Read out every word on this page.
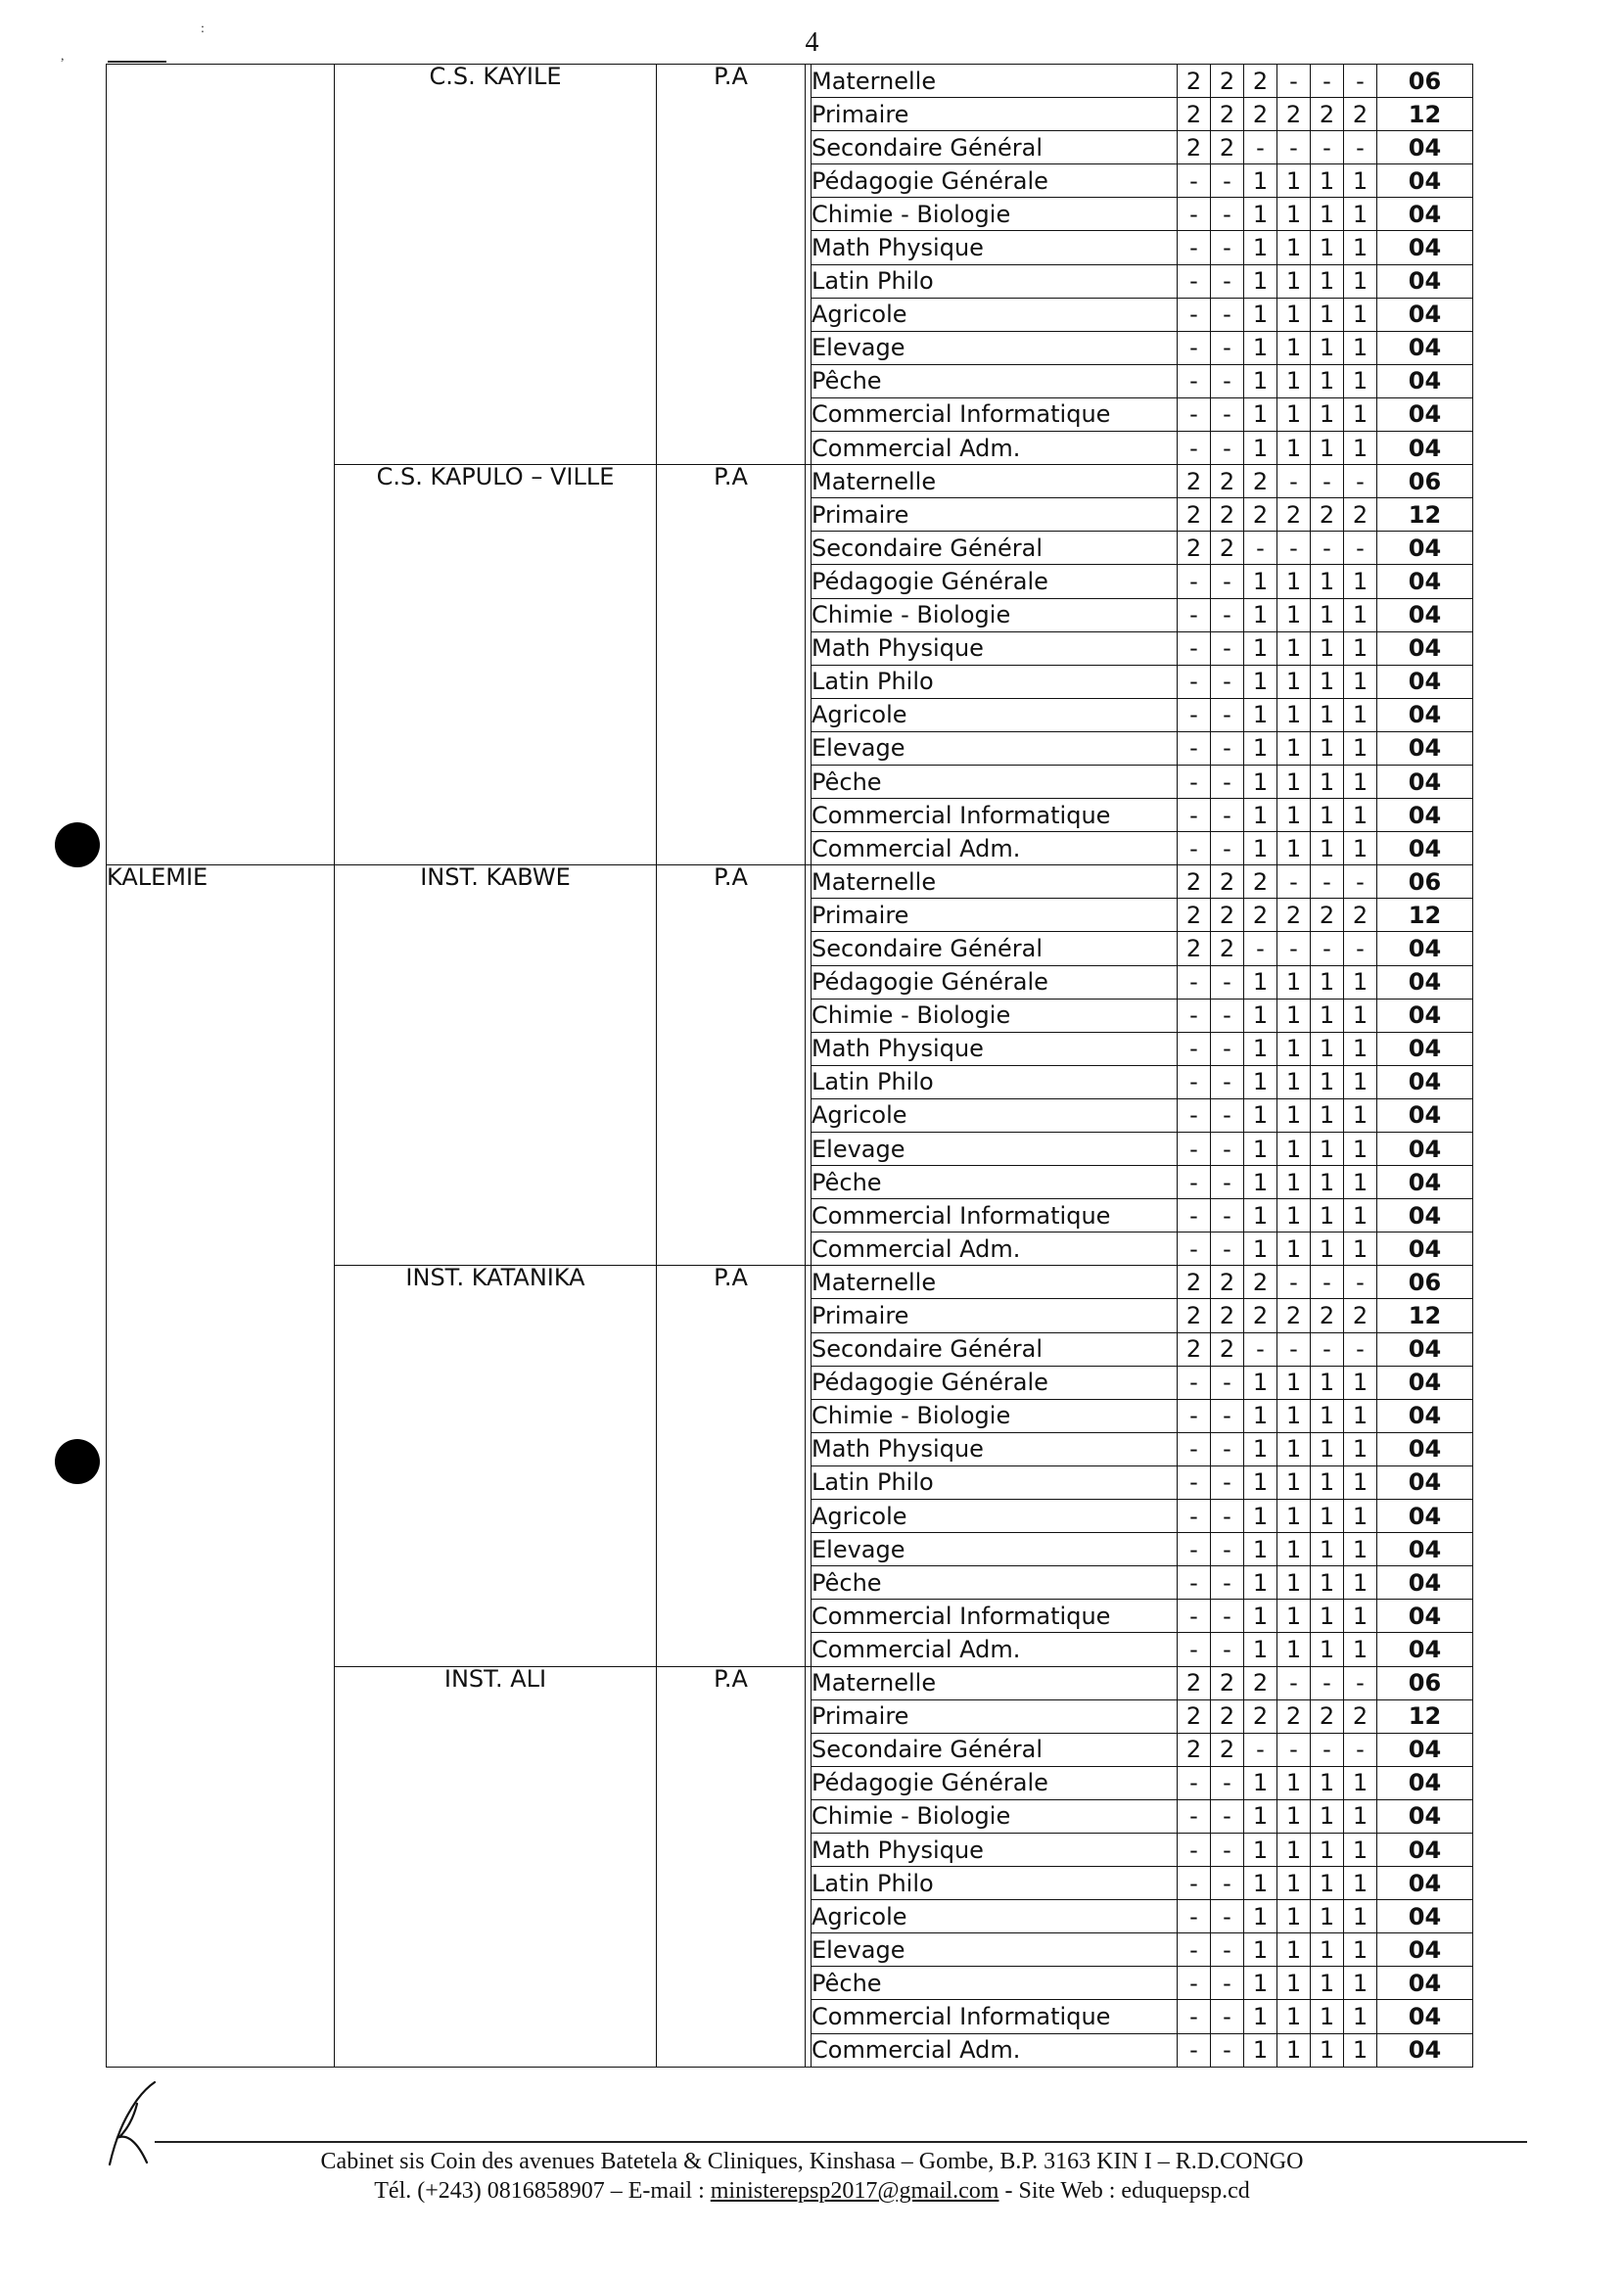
4
:
,

	C.S. KAYILE	P.A		Maternelle	2	2	2	-	-	-	06
				Primaire	2	2	2	2	2	2	12
				Secondaire Général	2	2	-	-	-	-	04
				Pédagogie Générale	-	-	1	1	1	1	04
				Chimie - Biologie	-	-	1	1	1	1	04
				Math Physique	-	-	1	1	1	1	04
				Latin Philo	-	-	1	1	1	1	04
				Agricole	-	-	1	1	1	1	04
				Elevage	-	-	1	1	1	1	04
				Pêche	-	-	1	1	1	1	04
				Commercial Informatique	-	-	1	1	1	1	04
				Commercial Adm.	-	-	1	1	1	1	04

	C.S. KAPULO – VILLE	P.A		Maternelle	2	2	2	-	-	-	06
				Primaire	2	2	2	2	2	2	12
				Secondaire Général	2	2	-	-	-	-	04
				Pédagogie Générale	-	-	1	1	1	1	04
				Chimie - Biologie	-	-	1	1	1	1	04
				Math Physique	-	-	1	1	1	1	04
				Latin Philo	-	-	1	1	1	1	04
				Agricole	-	-	1	1	1	1	04
				Elevage	-	-	1	1	1	1	04
				Pêche	-	-	1	1	1	1	04
				Commercial Informatique	-	-	1	1	1	1	04
				Commercial Adm.	-	-	1	1	1	1	04

KALEMIE	INST. KABWE	P.A		Maternelle	2	2	2	-	-	-	06
				Primaire	2	2	2	2	2	2	12
				Secondaire Général	2	2	-	-	-	-	04
				Pédagogie Générale	-	-	1	1	1	1	04
				Chimie - Biologie	-	-	1	1	1	1	04
				Math Physique	-	-	1	1	1	1	04
				Latin Philo	-	-	1	1	1	1	04
				Agricole	-	-	1	1	1	1	04
				Elevage	-	-	1	1	1	1	04
				Pêche	-	-	1	1	1	1	04
				Commercial Informatique	-	-	1	1	1	1	04
				Commercial Adm.	-	-	1	1	1	1	04

	INST. KATANIKA	P.A		Maternelle	2	2	2	-	-	-	06
				Primaire	2	2	2	2	2	2	12
				Secondaire Général	2	2	-	-	-	-	04
				Pédagogie Générale	-	-	1	1	1	1	04
				Chimie - Biologie	-	-	1	1	1	1	04
				Math Physique	-	-	1	1	1	1	04
				Latin Philo	-	-	1	1	1	1	04
				Agricole	-	-	1	1	1	1	04
				Elevage	-	-	1	1	1	1	04
				Pêche	-	-	1	1	1	1	04
				Commercial Informatique	-	-	1	1	1	1	04
				Commercial Adm.	-	-	1	1	1	1	04

	INST. ALI	P.A		Maternelle	2	2	2	-	-	-	06
				Primaire	2	2	2	2	2	2	12
				Secondaire Général	2	2	-	-	-	-	04
				Pédagogie Générale	-	-	1	1	1	1	04
				Chimie - Biologie	-	-	1	1	1	1	04
				Math Physique	-	-	1	1	1	1	04
				Latin Philo	-	-	1	1	1	1	04
				Agricole	-	-	1	1	1	1	04
				Elevage	-	-	1	1	1	1	04
				Pêche	-	-	1	1	1	1	04
				Commercial Informatique	-	-	1	1	1	1	04
				Commercial Adm.	-	-	1	1	1	1	04
Cabinet sis Coin des avenues Batetela & Cliniques, Kinshasa – Gombe, B.P. 3163 KIN I – R.D.CONGO
Tél. (+243) 0816858907 – E-mail : ministerepsp2017@gmail.com - Site Web : eduquepsp.cd
